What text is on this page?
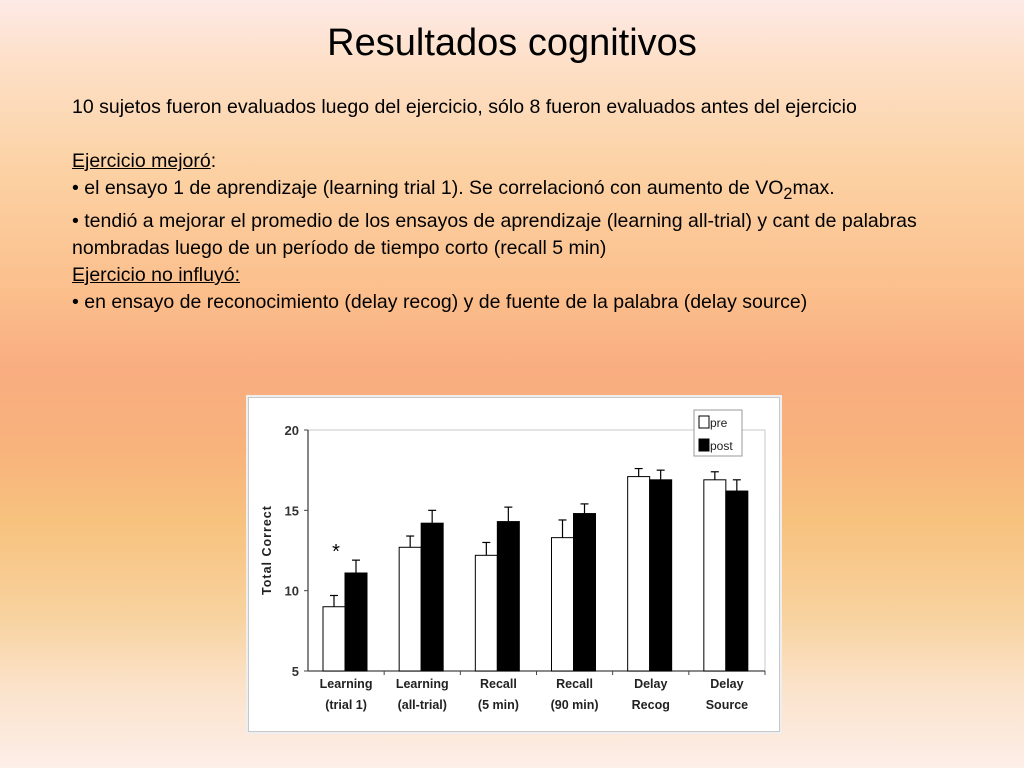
Resultados cognitivos

10 sujetos fueron evaluados luego del ejercicio, sólo 8 fueron evaluados antes del ejercicio

Ejercicio mejoró:

• el ensayo 1 de aprendizaje (learning trial 1). Se correlacionó con aumento de $VO_2\max$.

• tendió a mejorar el promedio de los ensayos de aprendizaje (learning all-trial) y cant de palabras nombradas luego de un período de tiempo corto (recall 5 min)

Ejercicio no influyó:

• en ensayo de reconocimiento (delay recog) y de fuente de la palabra (delay source)

Total Correct
5
10
15
20
*
Learning
(trial 1)
Learning
(all-trial)
Recall
(5 min)
Recall
(90 min)
Delay
Recog
Delay
Source
pre
post
